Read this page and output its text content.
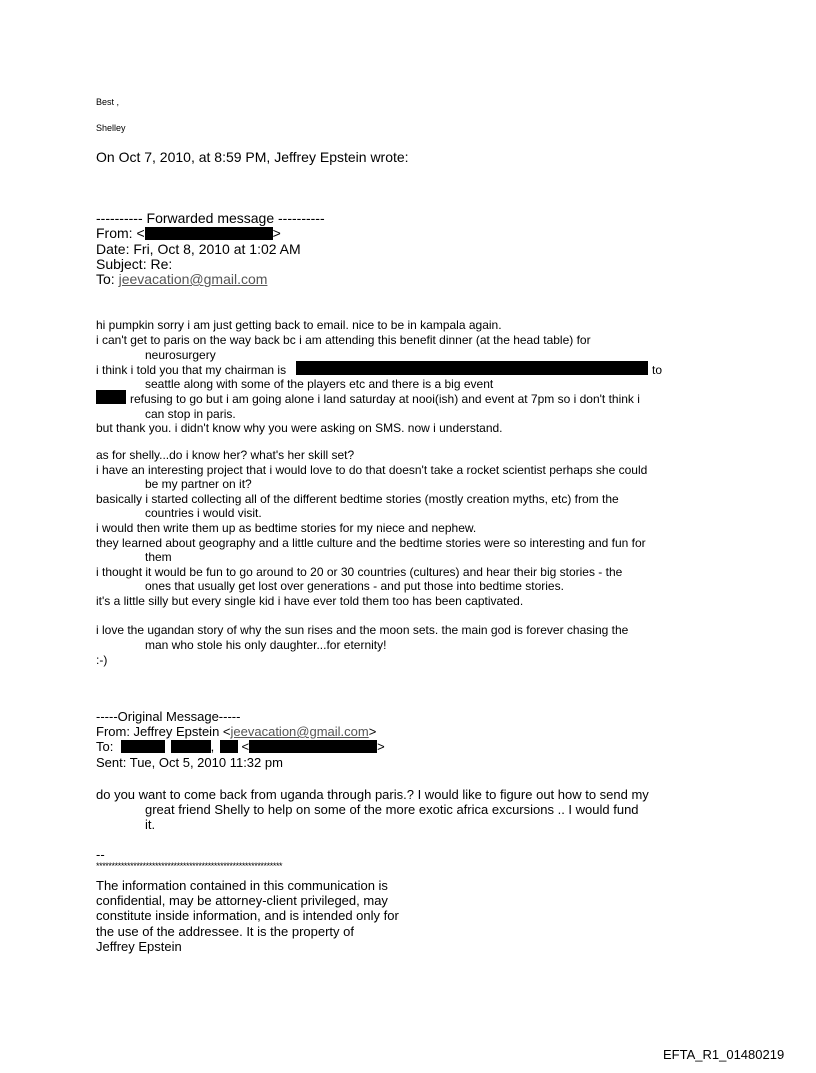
Best ,
Shelley
On Oct 7, 2010, at 8:59 PM, Jeffrey Epstein wrote:
---------- Forwarded message ----------
From: <	>
Date: Fri, Oct 8, 2010 at 1:02 AM
Subject: Re:
To: jeevacation@gmail.com
hi pumpkin sorry i am just getting back to email. nice to be in kampala again.
i can't get to paris on the way back bc i am attending this benefit dinner (at the head table) for
neurosurgery
i think i told you that my chairman is	to
seattle along with some of the players etc and there is a big event
refusing to go but i am going alone i land saturday at nooi(ish) and event at 7pm so i don't think i
can stop in paris.
but thank you. i didn't know why you were asking on SMS. now i understand.
as for shelly...do i know her? what's her skill set?
i have an interesting project that i would love to do that doesn't take a rocket scientist perhaps she could
be my partner on it?
basically i started collecting all of the different bedtime stories (mostly creation myths, etc) from the
countries i would visit.
i would then write them up as bedtime stories for my niece and nephew.
they learned about geography and a little culture and the bedtime stories were so interesting and fun for
them
i thought it would be fun to go around to 20 or 30 countries (cultures) and hear their big stories - the
ones that usually get lost over generations - and put those into bedtime stories.
it's a little silly but every single kid i have ever told them too has been captivated.
i love the ugandan story of why the sun rises and the moon sets. the main god is forever chasing the
man who stole his only daughter...for eternity!
:-)
-----Original Message-----
From: Jeffrey Epstein <jeevacation@gmail.com>
To:	, <	>
Sent: Tue, Oct 5, 2010 11:32 pm
do you want to come back from uganda through paris.? I would like to figure out how to send my
great friend Shelly to help on some of the more exotic africa excursions .. I would fund
it.
--
************************************************************
The information contained in this communication is
confidential, may be attorney-client privileged, may
constitute inside information, and is intended only for
the use of the addressee. It is the property of
Jeffrey Epstein
EFTA_R1_01480219
